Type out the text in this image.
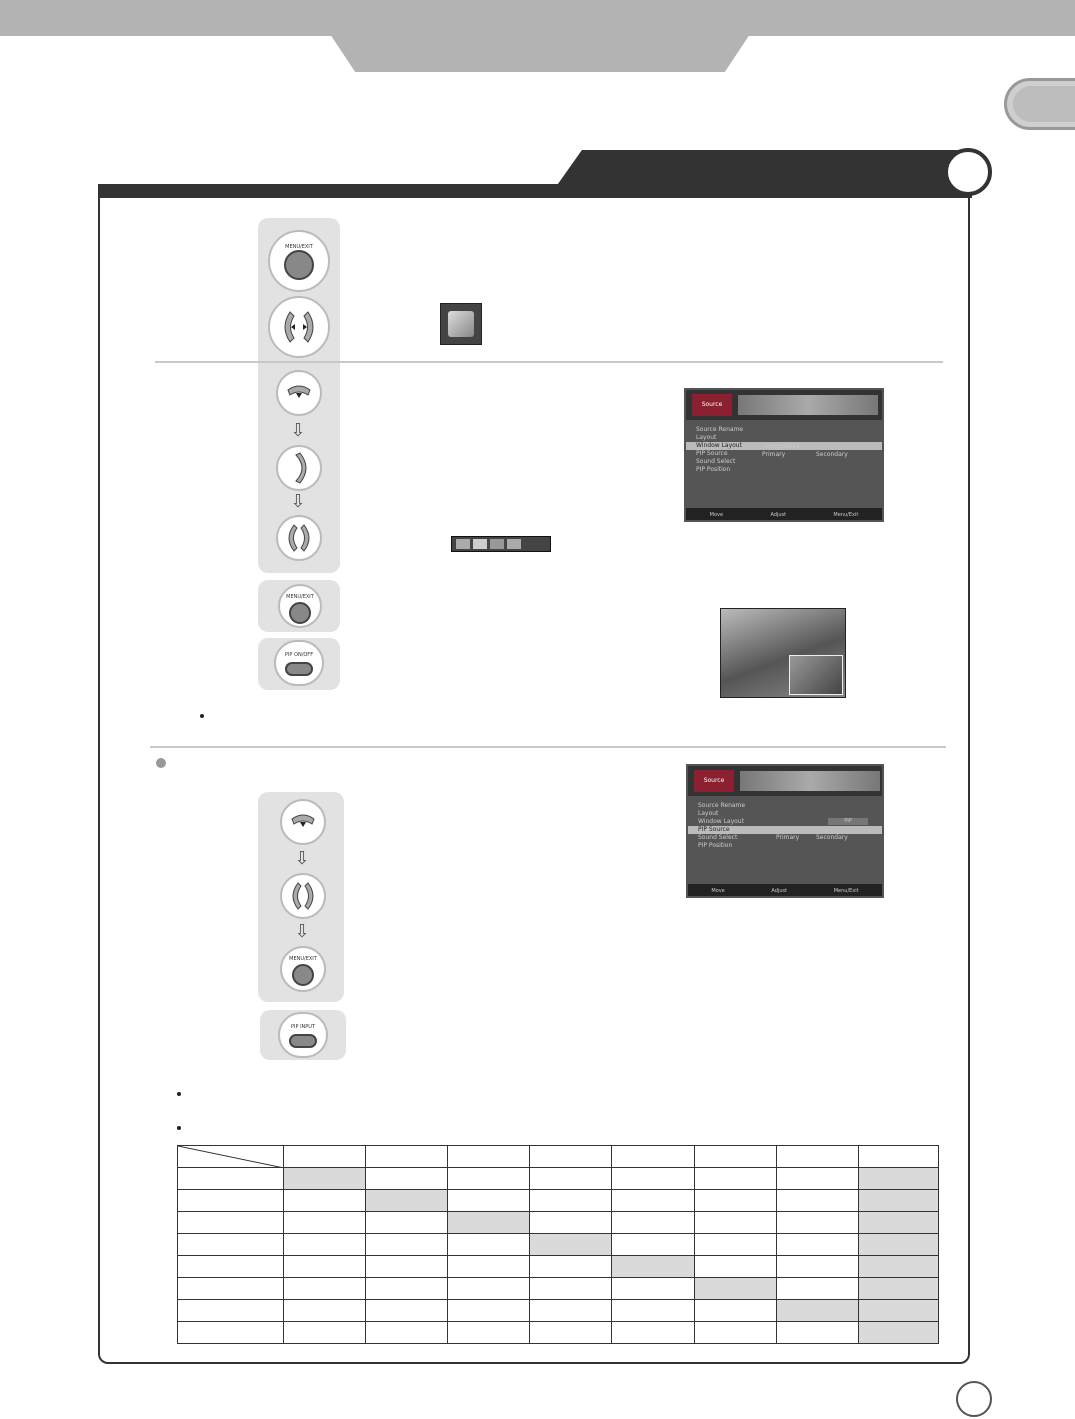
MENU/EXIT
⇩
⇩
Source
Source Rename
Layout
Window Layout
PIP Source
Sound Select
PIP Position
Composite1
Primary	Secondary
Move	Adjust	Menu/Exit
MENU/EXIT
PIP ON/OFF
Source
Source Rename
Layout
Window Layout
PIP Source
Sound Select
PIP Position
PIP
Primary	Secondary
Move	Adjust	Menu/Exit
⇩
⇩
MENU/EXIT
PIP INPUT
